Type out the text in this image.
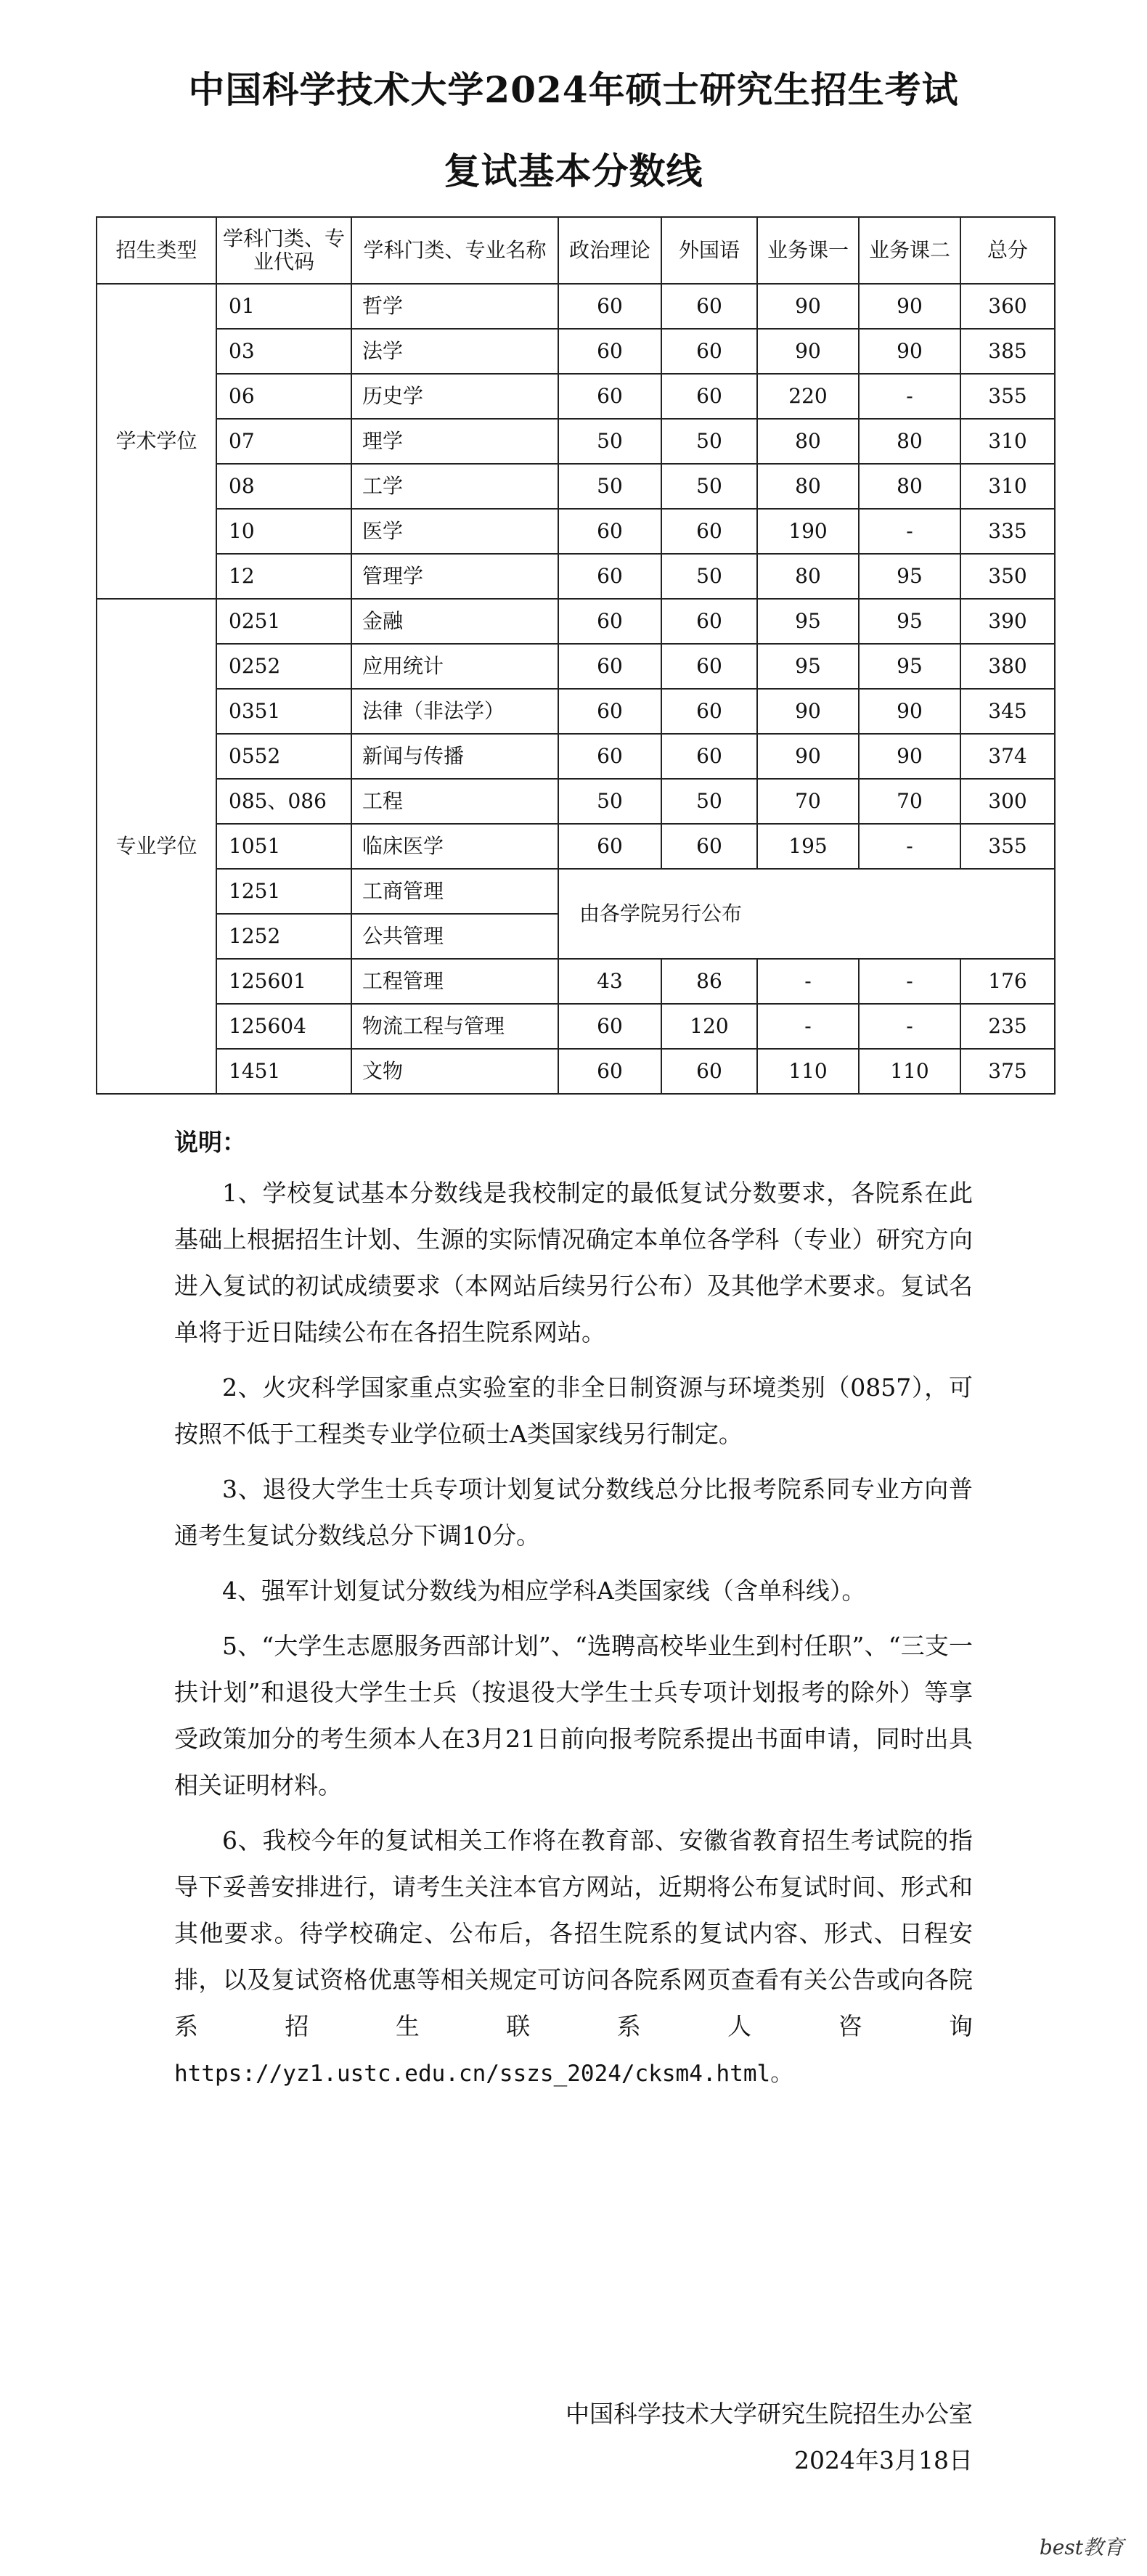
中国科学技术大学2024年硕士研究生招生考试
复试基本分数线
招生类型	学科门类、专业代码	学科门类、专业名称	政治理论	外国语	业务课一	业务课二	总分
学术学位	01	哲学	60	60	90	90	360
	03	法学	60	60	90	90	385
	06	历史学	60	60	220	-	355
	07	理学	50	50	80	80	310
	08	工学	50	50	80	80	310
	10	医学	60	60	190	-	335
	12	管理学	60	50	80	95	350
专业学位	0251	金融	60	60	95	95	390
	0252	应用统计	60	60	95	95	380
	0351	法律（非法学）	60	60	90	90	345
	0552	新闻与传播	60	60	90	90	374
	085、086	工程	50	50	70	70	300
	1051	临床医学	60	60	195	-	355
	1251	工商管理	由各学院另行公布				
	1252	公共管理					
	125601	工程管理	43	86	-	-	176
	125604	物流工程与管理	60	120	-	-	235
	1451	文物	60	60	110	110	375
说明：

1、学校复试基本分数线是我校制定的最低复试分数要求，各院系在此基础上根据招生计划、生源的实际情况确定本单位各学科（专业）研究方向进入复试的初试成绩要求（本网站后续另行公布）及其他学术要求。复试名单将于近日陆续公布在各招生院系网站。

2、火灾科学国家重点实验室的非全日制资源与环境类别（0857），可按照不低于工程类专业学位硕士A类国家线另行制定。

3、退役大学生士兵专项计划复试分数线总分比报考院系同专业方向普通考生复试分数线总分下调10分。

4、强军计划复试分数线为相应学科A类国家线（含单科线）。

5、“大学生志愿服务西部计划”、“选聘高校毕业生到村任职”、“三支一扶计划”和退役大学生士兵（按退役大学生士兵专项计划报考的除外）等享受政策加分的考生须本人在3月21日前向报考院系提出书面申请，同时出具相关证明材料。

6、我校今年的复试相关工作将在教育部、安徽省教育招生考试院的指导下妥善安排进行，请考生关注本官方网站，近期将公布复试时间、形式和其他要求。待学校确定、公布后，各招生院系的复试内容、形式、日程安排，以及复试资格优惠等相关规定可访问各院系网页查看有关公告或向各院系招生联系人咨询https://yz1.ustc.edu.cn/sszs_2024/cksm4.html。

中国科学技术大学研究生院招生办公室
2024年3月18日
best教育
